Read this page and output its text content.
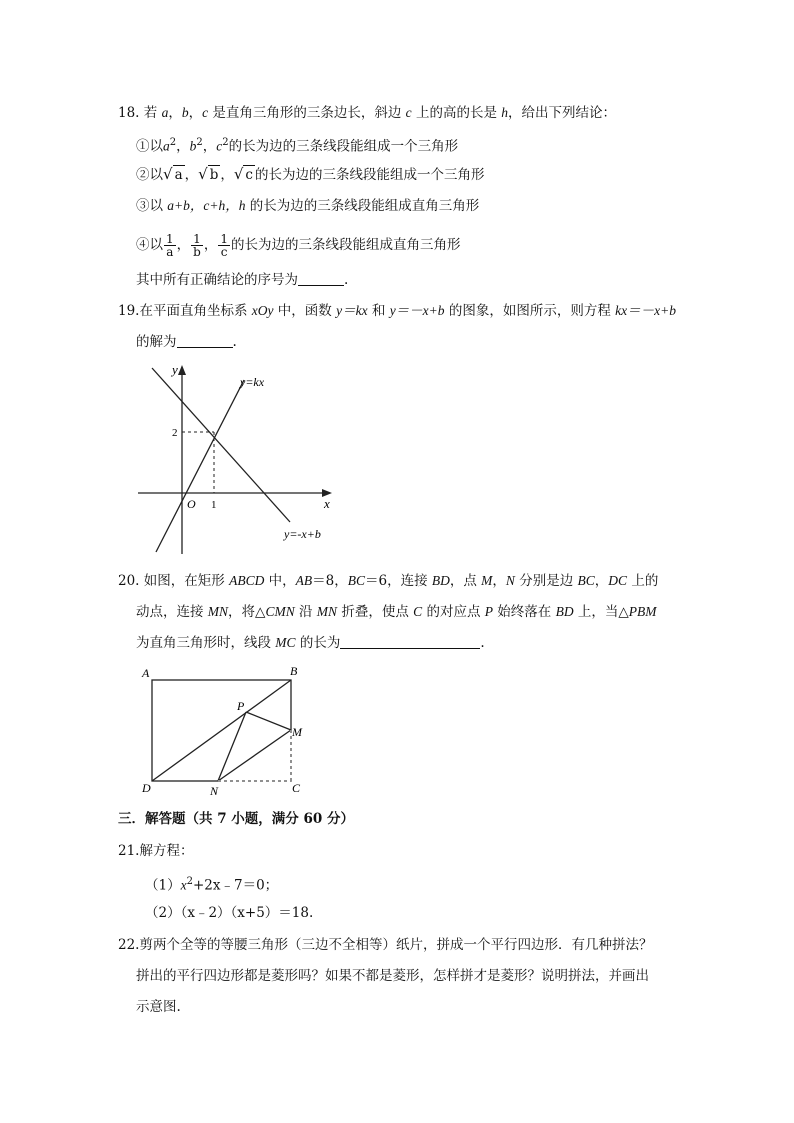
18. 若 a，b，c 是直角三角形的三条边长，斜边 c 上的高的长是 h，给出下列结论：
①以$a^2$，$b^2$，$c^2$的长为边的三条线段能组成一个三角形
②以√ a ，√ b ，√ c 的长为边的三条线段能组成一个三角形
③以 a+b，c+h，h 的长为边的三条线段能组成直角三角形
④以 $\frac{1}{a}$ ， $\frac{1}{b}$ ， $\frac{1}{c}$ 的长为边的三条线段能组成直角三角形
其中所有正确结论的序号为	.
19.在平面直角坐标系 xOy 中，函数 y＝kx 和 y＝－x+b 的图象，如图所示，则方程 kx＝－x+b
的解为	.
y
x
O 1
2
y=kx
y=-x+b
20. 如图，在矩形 ABCD 中，AB＝8，BC＝6，连接 BD，点 M，N 分别是边 BC，DC 上的
动点，连接 MN，将△CMN 沿 MN 折叠，使点 C 的对应点 P 始终落在 BD 上，当△PBM
为直角三角形时，线段 MC 的长为	.
A	B
C
D
M
N
P
三．解答题（共 7 小题，满分 60 分）
21.解方程：
$(1)x^2+2x﹣7=0$；
（2）（x﹣2）（x+5）＝18.
22.剪两个全等的等腰三角形（三边不全相等）纸片，拼成一个平行四边形．有几种拼法？
拼出的平行四边形都是菱形吗？如果不都是菱形，怎样拼才是菱形？说明拼法，并画出
示意图.
